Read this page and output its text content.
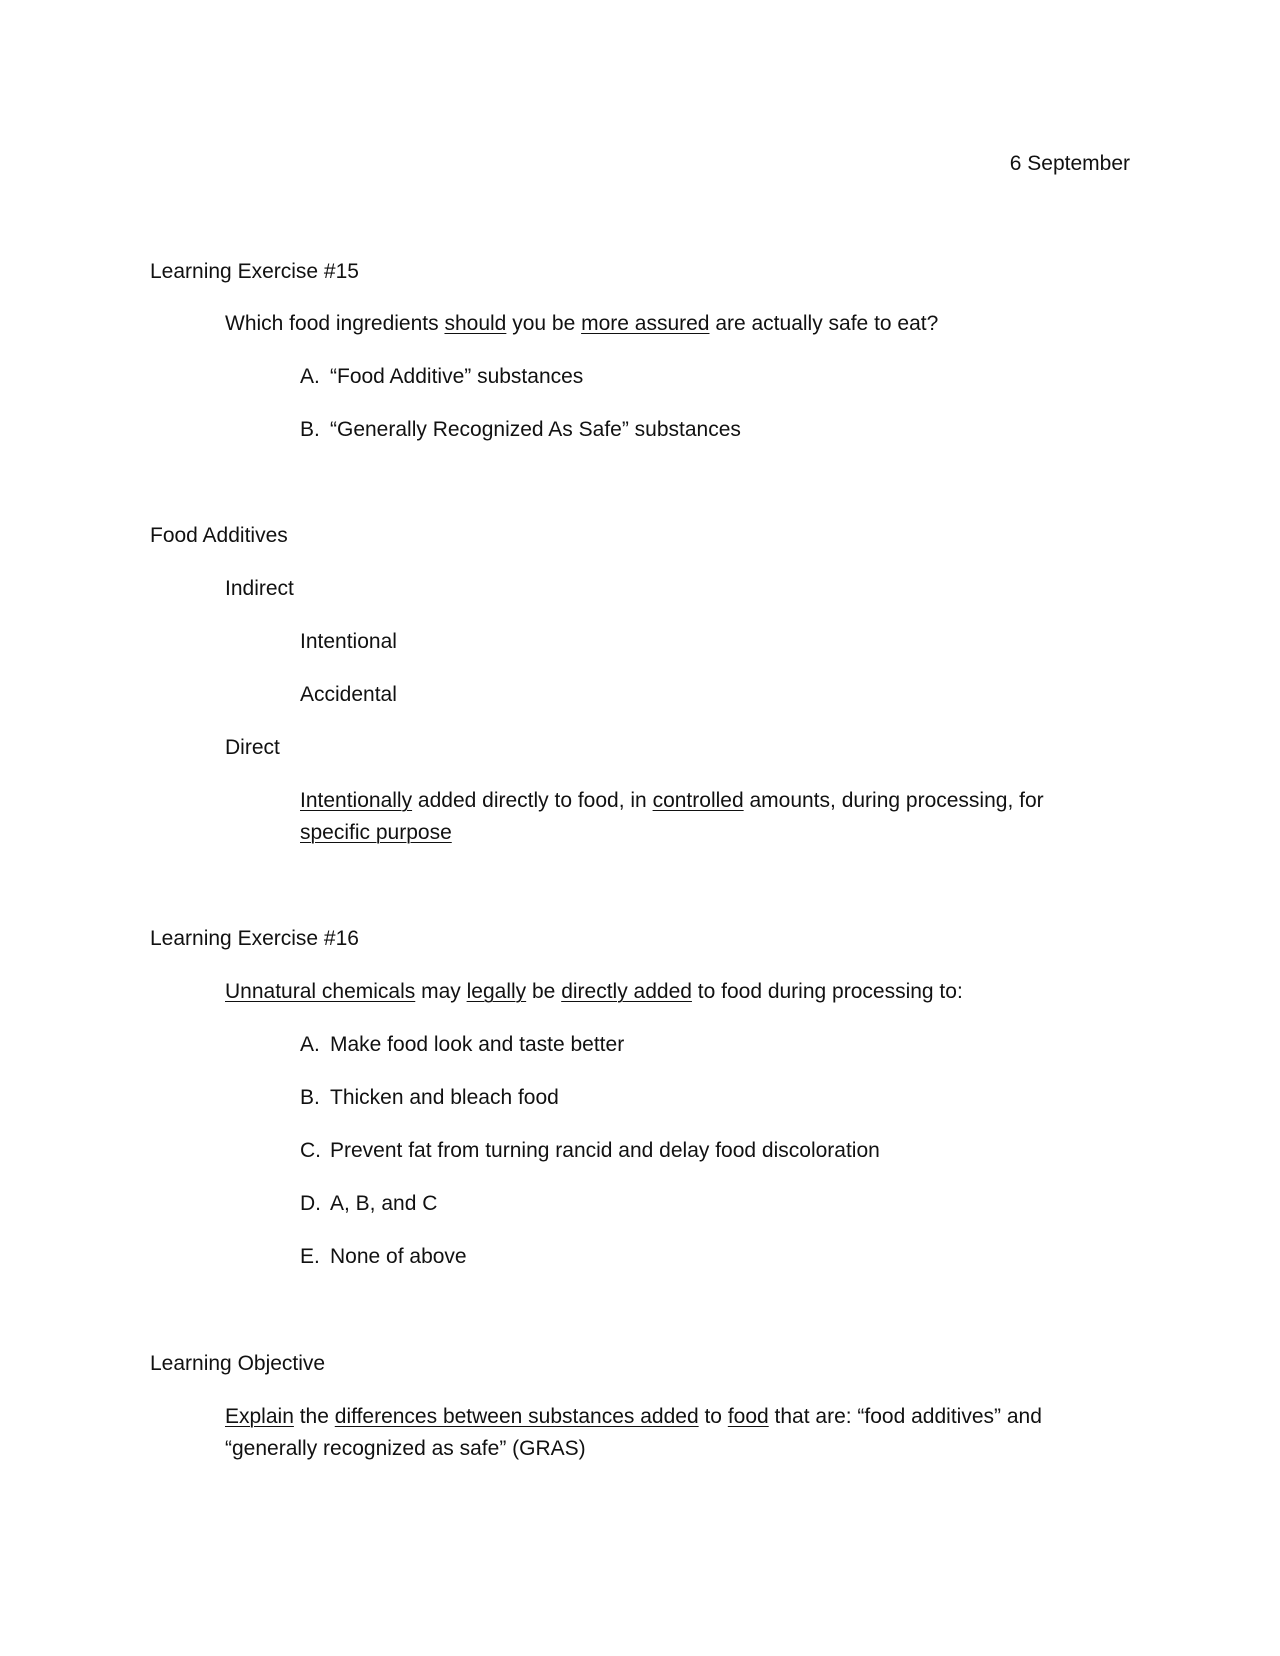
6 September
Learning Exercise #15
Which food ingredients should you be more assured are actually safe to eat?
A. “Food Additive” substances
B. “Generally Recognized As Safe” substances
Food Additives
Indirect
Intentional
Accidental
Direct
Intentionally added directly to food, in controlled amounts, during processing, for
specific purpose
Learning Exercise #16
Unnatural chemicals may legally be directly added to food during processing to:
A. Make food look and taste better
B. Thicken and bleach food
C. Prevent fat from turning rancid and delay food discoloration
D. A, B, and C
E. None of above
Learning Objective
Explain the differences between substances added to food that are: “food additives” and
“generally recognized as safe” (GRAS)
